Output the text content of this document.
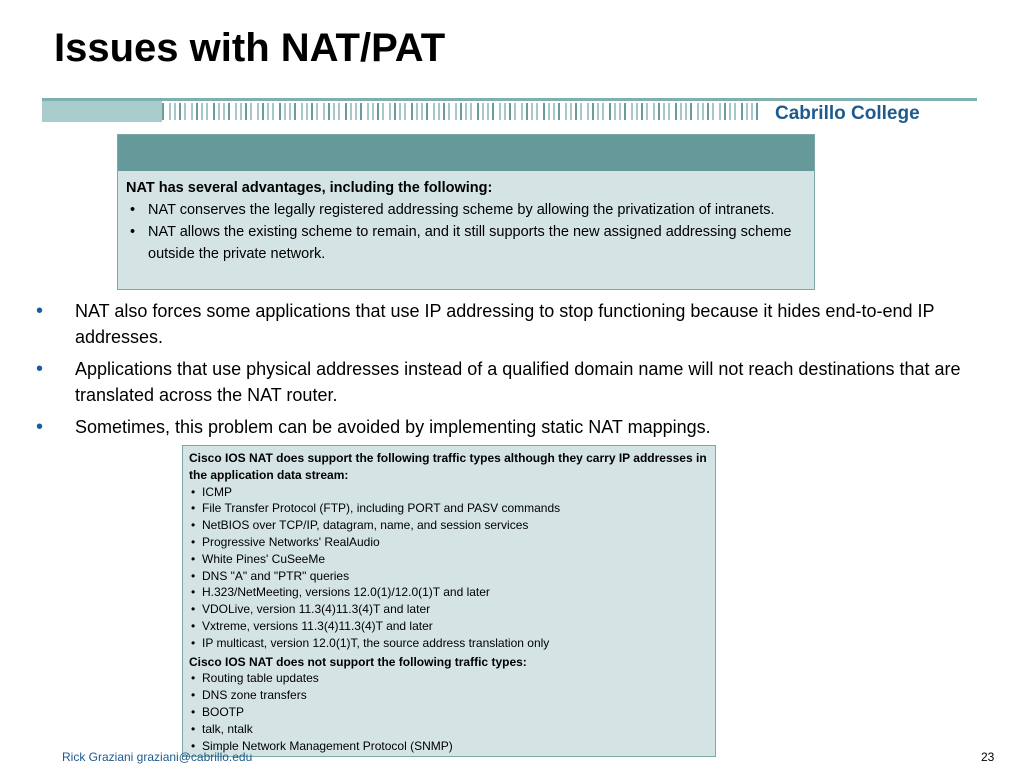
Issues with NAT/PAT
Cabrillo College
NAT has several advantages, including the following:
• NAT conserves the legally registered addressing scheme by allowing the privatization of intranets.
• NAT allows the existing scheme to remain, and it still supports the new assigned addressing scheme outside the private network.
• NAT also forces some applications that use IP addressing to stop functioning because it hides end-to-end IP addresses.
• Applications that use physical addresses instead of a qualified domain name will not reach destinations that are translated across the NAT router.
• Sometimes, this problem can be avoided by implementing static NAT mappings.
Cisco IOS NAT does support the following traffic types although they carry IP addresses in the application data stream:
• ICMP
• File Transfer Protocol (FTP), including PORT and PASV commands
• NetBIOS over TCP/IP, datagram, name, and session services
• Progressive Networks' RealAudio
• White Pines' CuSeeMe
• DNS "A" and "PTR" queries
• H.323/NetMeeting, versions 12.0(1)/12.0(1)T and later
• VDOLive, version 11.3(4)11.3(4)T and later
• Vxtreme, versions 11.3(4)11.3(4)T and later
• IP multicast, version 12.0(1)T, the source address translation only
Cisco IOS NAT does not support the following traffic types:
• Routing table updates
• DNS zone transfers
• BOOTP
• talk, ntalk
• Simple Network Management Protocol (SNMP)
Rick Graziani graziani@cabrillo.edu	23
